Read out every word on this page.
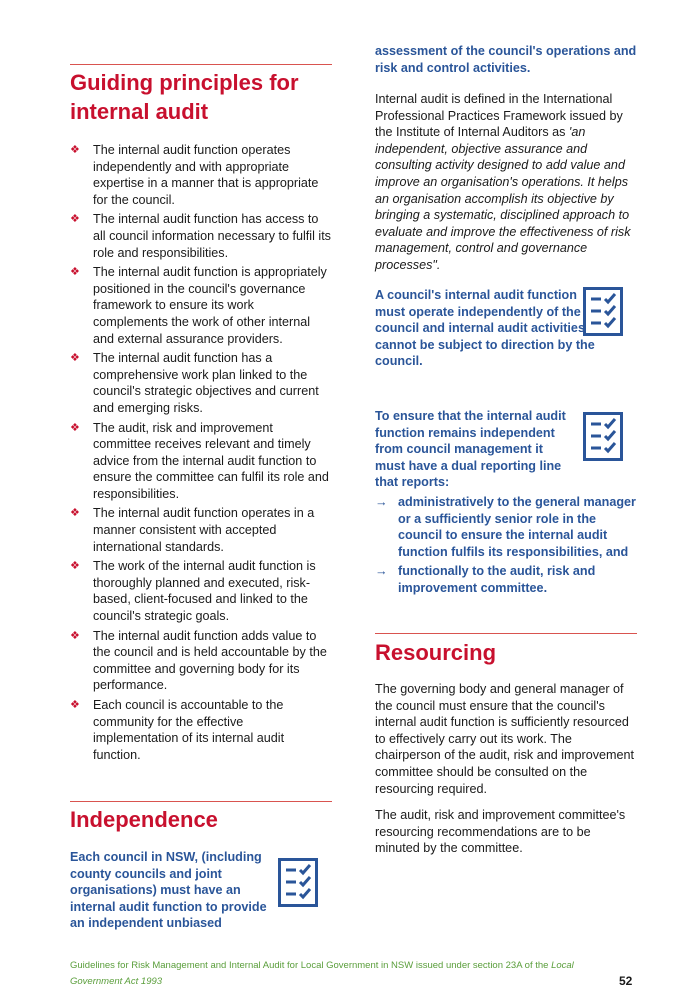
Guiding principles for internal audit
❖ The internal audit function operates independently and with appropriate expertise in a manner that is appropriate for the council.
❖ The internal audit function has access to all council information necessary to fulfil its role and responsibilities.
❖ The internal audit function is appropriately positioned in the council's governance framework to ensure its work complements the work of other internal and external assurance providers.
❖ The internal audit function has a comprehensive work plan linked to the council's strategic objectives and current and emerging risks.
❖ The audit, risk and improvement committee receives relevant and timely advice from the internal audit function to ensure the committee can fulfil its role and responsibilities.
❖ The internal audit function operates in a manner consistent with accepted international standards.
❖ The work of the internal audit function is thoroughly planned and executed, risk-based, client-focused and linked to the council's strategic goals.
❖ The internal audit function adds value to the council and is held accountable by the committee and governing body for its performance.
❖ Each council is accountable to the community for the effective implementation of its internal audit function.
Independence
Each council in NSW, (including county councils and joint organisations) must have an internal audit function to provide an independent unbiased
assessment of the council's operations and risk and control activities.

Internal audit is defined in the International Professional Practices Framework issued by the Institute of Internal Auditors as 'an independent, objective assurance and consulting activity designed to add value and improve an organisation's operations. It helps an organisation accomplish its objective by bringing a systematic, disciplined approach to evaluate and improve the effectiveness of risk management, control and governance processes".

A council's internal audit function must operate independently of the council and internal audit activities cannot be subject to direction by the council.
To ensure that the internal audit function remains independent from council management it must have a dual reporting line that reports:
→ administratively to the general manager or a sufficiently senior role in the council to ensure the internal audit function fulfils its responsibilities, and
→ functionally to the audit, risk and improvement committee.
Resourcing

The governing body and general manager of the council must ensure that the council's internal audit function is sufficiently resourced to effectively carry out its work. The chairperson of the audit, risk and improvement committee should be consulted on the resourcing required.

The audit, risk and improvement committee's resourcing recommendations are to be minuted by the committee.

Guidelines for Risk Management and Internal Audit for Local Government in NSW issued under section 23A of the Local Government Act 1993	52
